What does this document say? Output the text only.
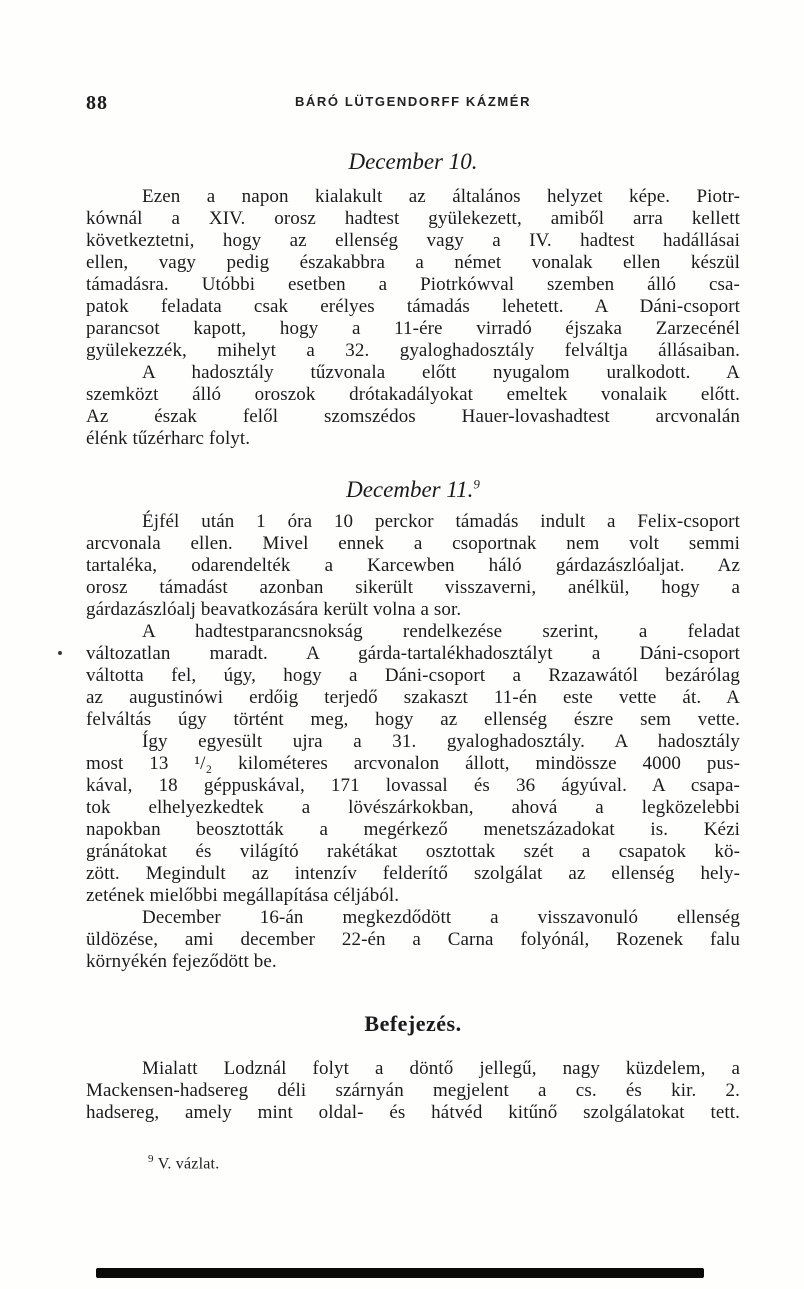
88	BÁRÓ LÜTGENDORFF KÁZMÉR
December 10.
Ezen a napon kialakult az általános helyzet képe. Piotr-
kównál a XIV. orosz hadtest gyülekezett, amiből arra kellett
következtetni, hogy az ellenség vagy a IV. hadtest hadállásai
ellen, vagy pedig északabbra a német vonalak ellen készül
támadásra. Utóbbi esetben a Piotrkówval szemben álló csa-
patok feladata csak erélyes támadás lehetett. A Dáni-csoport
parancsot kapott, hogy a 11-ére virradó éjszaka Zarzecénél
gyülekezzék, mihelyt a 32. gyaloghadosztály felváltja állásaiban.
A hadosztály tűzvonala előtt nyugalom uralkodott. A
szemközt álló oroszok drótakadályokat emeltek vonalaik előtt.
Az észak felől szomszédos Hauer-lovashadtest arcvonalán
élénk tűzérharc folyt.
December 11.$^9$
Éjfél után 1 óra 10 perckor támadás indult a Felix-csoport
arcvonala ellen. Mivel ennek a csoportnak nem volt semmi
tartaléka, odarendelték a Karcewben háló gárdazászlóaljat. Az
orosz támadást azonban sikerült visszaverni, anélkül, hogy a
gárdazászlóalj beavatkozására került volna a sor.
A hadtestparancsnokság rendelkezése szerint, a feladat
változatlan maradt. A gárda-tartalékhadosztályt a Dáni-csoport
váltotta fel, úgy, hogy a Dáni-csoport a Rzazawától bezárólag
az augustinówi erdőig terjedő szakaszt 11-én este vette át. A
felváltás úgy történt meg, hogy az ellenség észre sem vette.
Így egyesült ujra a 31. gyaloghadosztály. A hadosztály
most 13 ¹/₂ kilométeres arcvonalon állott, mindössze 4000 pus-
kával, 18 géppuskával, 171 lovassal és 36 ágyúval. A csapa-
tok elhelyezkedtek a lövészárkokban, ahová a legközelebbi
napokban beosztották a megérkező menetszázadokat is. Kézi
gránátokat és világító rakétákat osztottak szét a csapatok kö-
zött. Megindult az intenzív felderítő szolgálat az ellenség hely-
zetének mielőbbi megállapítása céljából.
December 16-án megkezdődött a visszavonuló ellenség
üldözése, ami december 22-én a Carna folyónál, Rozenek falu
környékén fejeződött be.
Befejezés.
Mialatt Lodznál folyt a döntő jellegű, nagy küzdelem, a
Mackensen-hadsereg déli szárnyán megjelent a cs. és kir. 2.
hadsereg, amely mint oldal- és hátvéd kitűnő szolgálatokat tett.
$^9$ V. vázlat.
